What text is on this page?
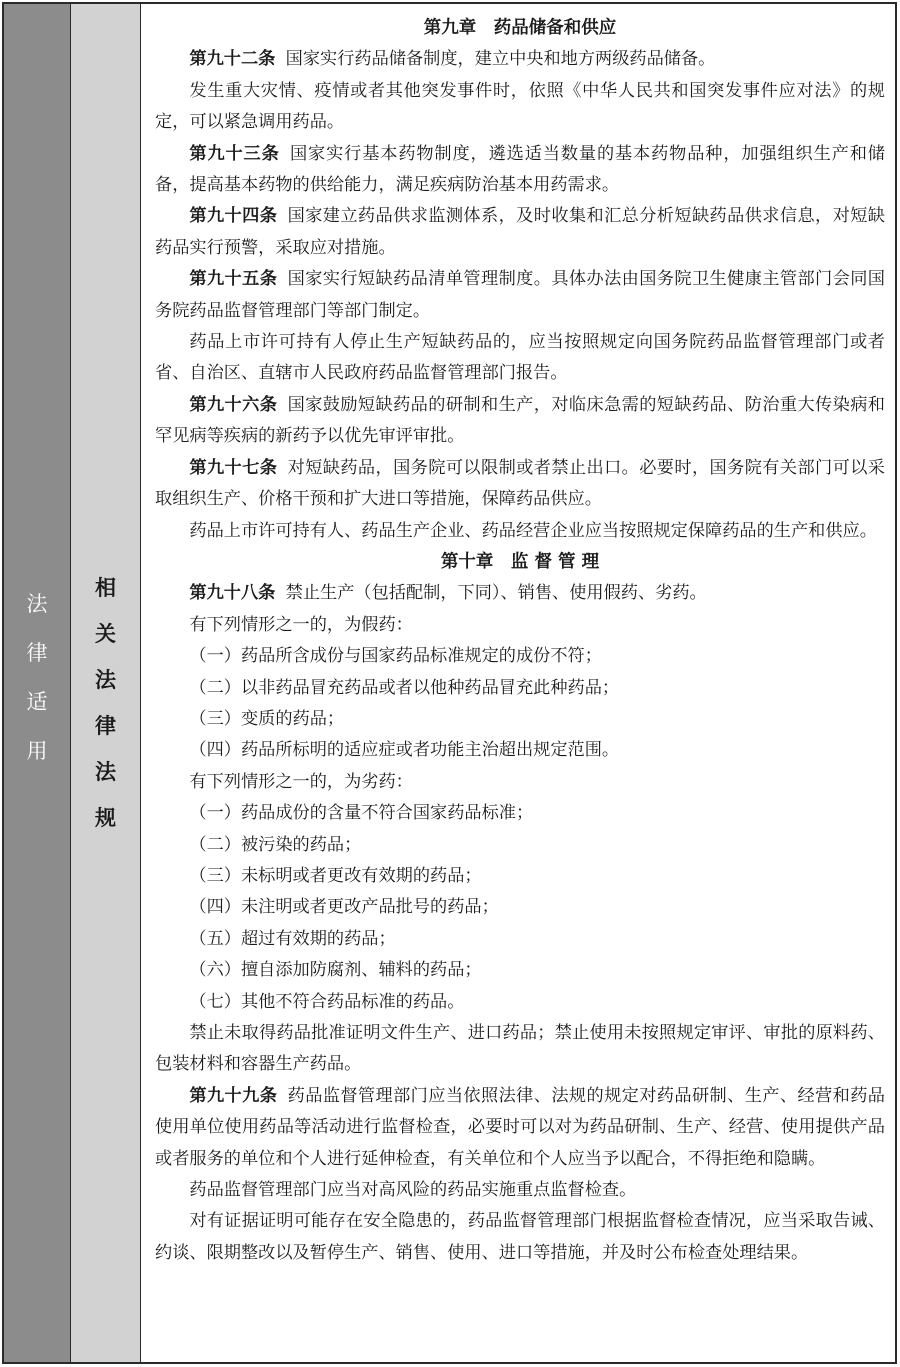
法
律
适
用
相
关
法
律
法
规
第九章　药品储备和供应

第九十二条 国家实行药品储备制度，建立中央和地方两级药品储备。

发生重大灾情、疫情或者其他突发事件时，依照《中华人民共和国突发事件应对法》的规定，可以紧急调用药品。

第九十三条 国家实行基本药物制度，遴选适当数量的基本药物品种，加强组织生产和储备，提高基本药物的供给能力，满足疾病防治基本用药需求。

第九十四条 国家建立药品供求监测体系，及时收集和汇总分析短缺药品供求信息，对短缺药品实行预警，采取应对措施。

第九十五条 国家实行短缺药品清单管理制度。具体办法由国务院卫生健康主管部门会同国务院药品监督管理部门等部门制定。

药品上市许可持有人停止生产短缺药品的，应当按照规定向国务院药品监督管理部门或者省、自治区、直辖市人民政府药品监督管理部门报告。

第九十六条 国家鼓励短缺药品的研制和生产，对临床急需的短缺药品、防治重大传染病和罕见病等疾病的新药予以优先审评审批。

第九十七条 对短缺药品，国务院可以限制或者禁止出口。必要时，国务院有关部门可以采取组织生产、价格干预和扩大进口等措施，保障药品供应。

药品上市许可持有人、药品生产企业、药品经营企业应当按照规定保障药品的生产和供应。

第十章　监 督 管 理

第九十八条 禁止生产（包括配制，下同）、销售、使用假药、劣药。

有下列情形之一的，为假药：

（一）药品所含成份与国家药品标准规定的成份不符；

（二）以非药品冒充药品或者以他种药品冒充此种药品；

（三）变质的药品；

（四）药品所标明的适应症或者功能主治超出规定范围。

有下列情形之一的，为劣药：

（一）药品成份的含量不符合国家药品标准；

（二）被污染的药品；

（三）未标明或者更改有效期的药品；

（四）未注明或者更改产品批号的药品；

（五）超过有效期的药品；

（六）擅自添加防腐剂、辅料的药品；

（七）其他不符合药品标准的药品。

禁止未取得药品批准证明文件生产、进口药品；禁止使用未按照规定审评、审批的原料药、包装材料和容器生产药品。

第九十九条 药品监督管理部门应当依照法律、法规的规定对药品研制、生产、经营和药品使用单位使用药品等活动进行监督检查，必要时可以对为药品研制、生产、经营、使用提供产品或者服务的单位和个人进行延伸检查，有关单位和个人应当予以配合，不得拒绝和隐瞒。

药品监督管理部门应当对高风险的药品实施重点监督检查。

对有证据证明可能存在安全隐患的，药品监督管理部门根据监督检查情况，应当采取告诫、约谈、限期整改以及暂停生产、销售、使用、进口等措施，并及时公布检查处理结果。
